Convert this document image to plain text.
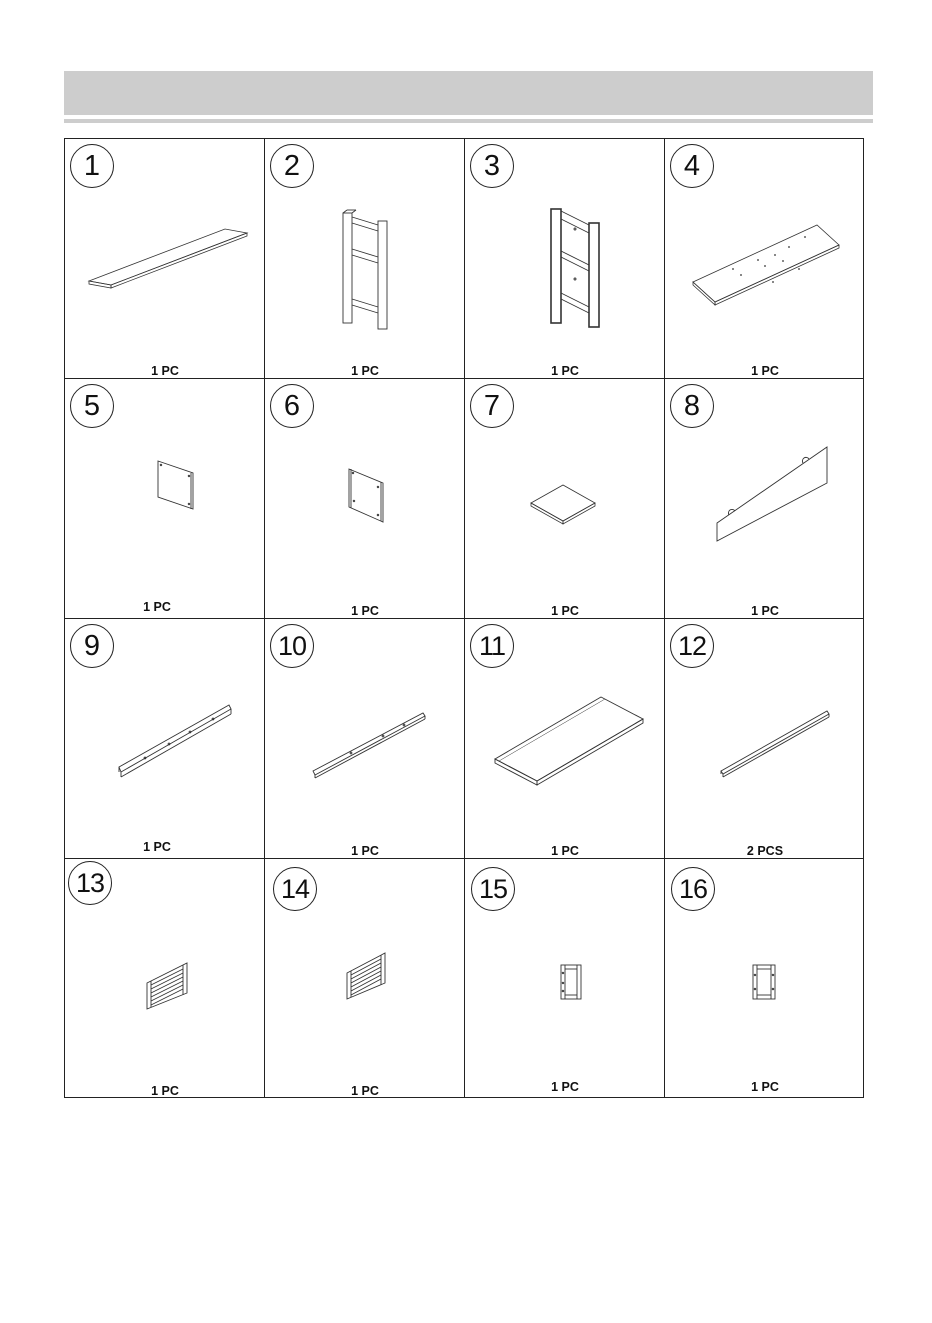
1
1 PC
2
1 PC
3
1 PC
4
1 PC
5
1 PC
6
1 PC
7
1 PC
8
1 PC
9
1 PC
10
1 PC
11
1 PC
12
2 PCS
13
1 PC
14
1 PC
15
1 PC
16
1 PC
